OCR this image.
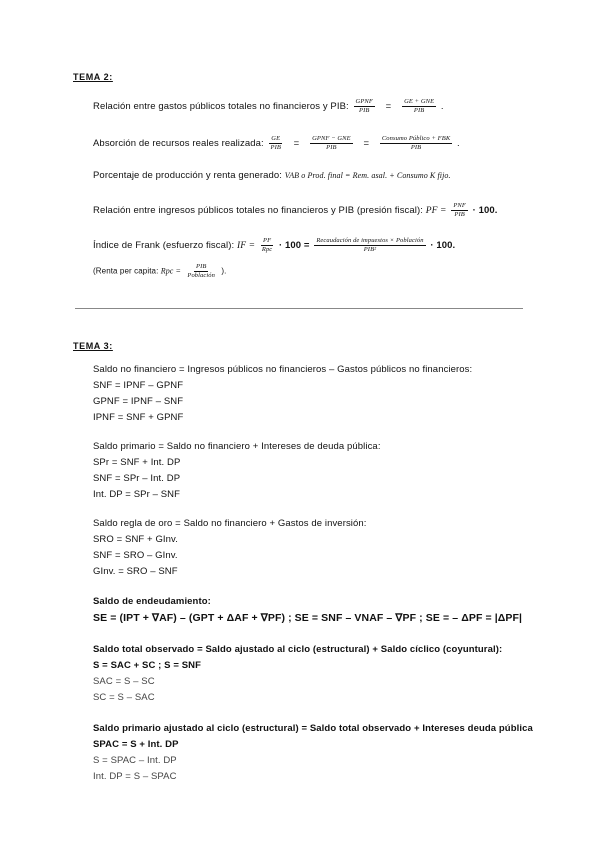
TEMA 2:
Relación entre gastos públicos totales no financieros y PIB: $\frac{\text{GPNF}}{\text{PIB}} = \frac{\text{GE + GNE}}{\text{PIB}}$ .
Absorción de recursos reales realizada: $\frac{GE}{\text{PIB}} = \frac{\text{GPNF − GNE}}{\text{PIB}} = \frac{\text{Consumo Público + FBK}}{\text{PIB}}$ .
Porcentaje de producción y renta generado: VAB o Prod. final = Rem. asal. + Consumo K fijo.
Relación entre ingresos públicos totales no financieros y PIB (presión fiscal): PF = $\frac{\text{PNF}}{\text{PIB}} \cdot 100$.
Índice de Frank (esfuerzo fiscal): IF = $\frac{PF}{\text{Rpc}} \cdot 100 = \frac{\text{Recaudación de impuestos × Población}}{\text{PIB²}} \cdot 100$.
(Renta per capita: Rpc = $\frac{\text{PIB}}{\text{Población}}$ ).
TEMA 3:
Saldo no financiero = Ingresos públicos no financieros – Gastos públicos no financieros:
SNF = IPNF – GPNF
GPNF = IPNF – SNF
IPNF = SNF + GPNF
Saldo primario = Saldo no financiero + Intereses de deuda pública:
SPr = SNF + Int. DP
SNF = SPr – Int. DP
Int. DP = SPr – SNF
Saldo regla de oro = Saldo no financiero + Gastos de inversión:
SRO = SNF + GInv.
SNF = SRO – GInv.
GInv. = SRO – SNF
Saldo de endeudamiento:
SE = (IPT + ∇AF) – (GPT + ΔAF + ∇PF) ; SE = SNF – VNAF – ∇PF ; SE = – ΔPF = |ΔPF|
Saldo total observado = Saldo ajustado al ciclo (estructural) + Saldo cíclico (coyuntural):
S = SAC + SC ; S = SNF
SAC = S – SC
SC = S – SAC
Saldo primario ajustado al ciclo (estructural) = Saldo total observado + Intereses deuda pública
SPAC = S + Int. DP
S = SPAC – Int. DP
Int. DP = S – SPAC
